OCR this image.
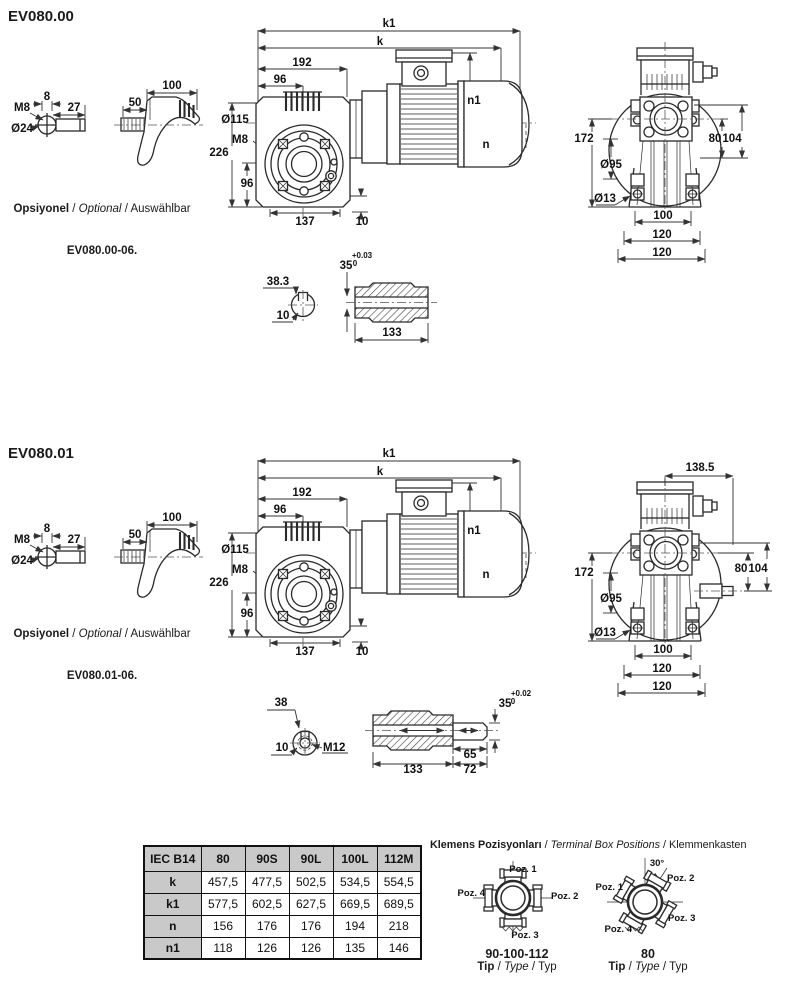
k1
k
192
96
Ø115
M8
226
96
137	10
n1
n
M8
8
27
Ø24
50
100
172
Ø95
Ø13
100
120
120
80 104
38.3
10
35
+0.03
0
133
k1
k
192
96
Ø115
M8
226
96
137	10
n1
n
M8
8
27
Ø24
50
100
138.5
172
Ø95
Ø13
100
120
120
80 104
38
10	M12
35
+0.02
0
65
133	72
Poz. 1
Poz. 2
Poz. 3
Poz. 4
Poz. 1
Poz. 2
Poz. 3
Poz. 4
30°
EV080.00
EV080.01

Opsiyonel / Optional / Auswählbar

EV080.00-06.

Opsiyonel / Optional / Auswählbar

EV080.01-06.

IEC B14	80	90S	90L	100L	112M
k	457,5	477,5	502,5	534,5	554,5
k1	577,5	602,5	627,5	669,5	689,5
n	156	176	176	194	218
n1	118	126	126	135	146
Klemens Pozisyonları / Terminal Box Positions / Klemmenkasten
90-100-112
Tip / Type / Typ
80
Tip / Type / Typ
